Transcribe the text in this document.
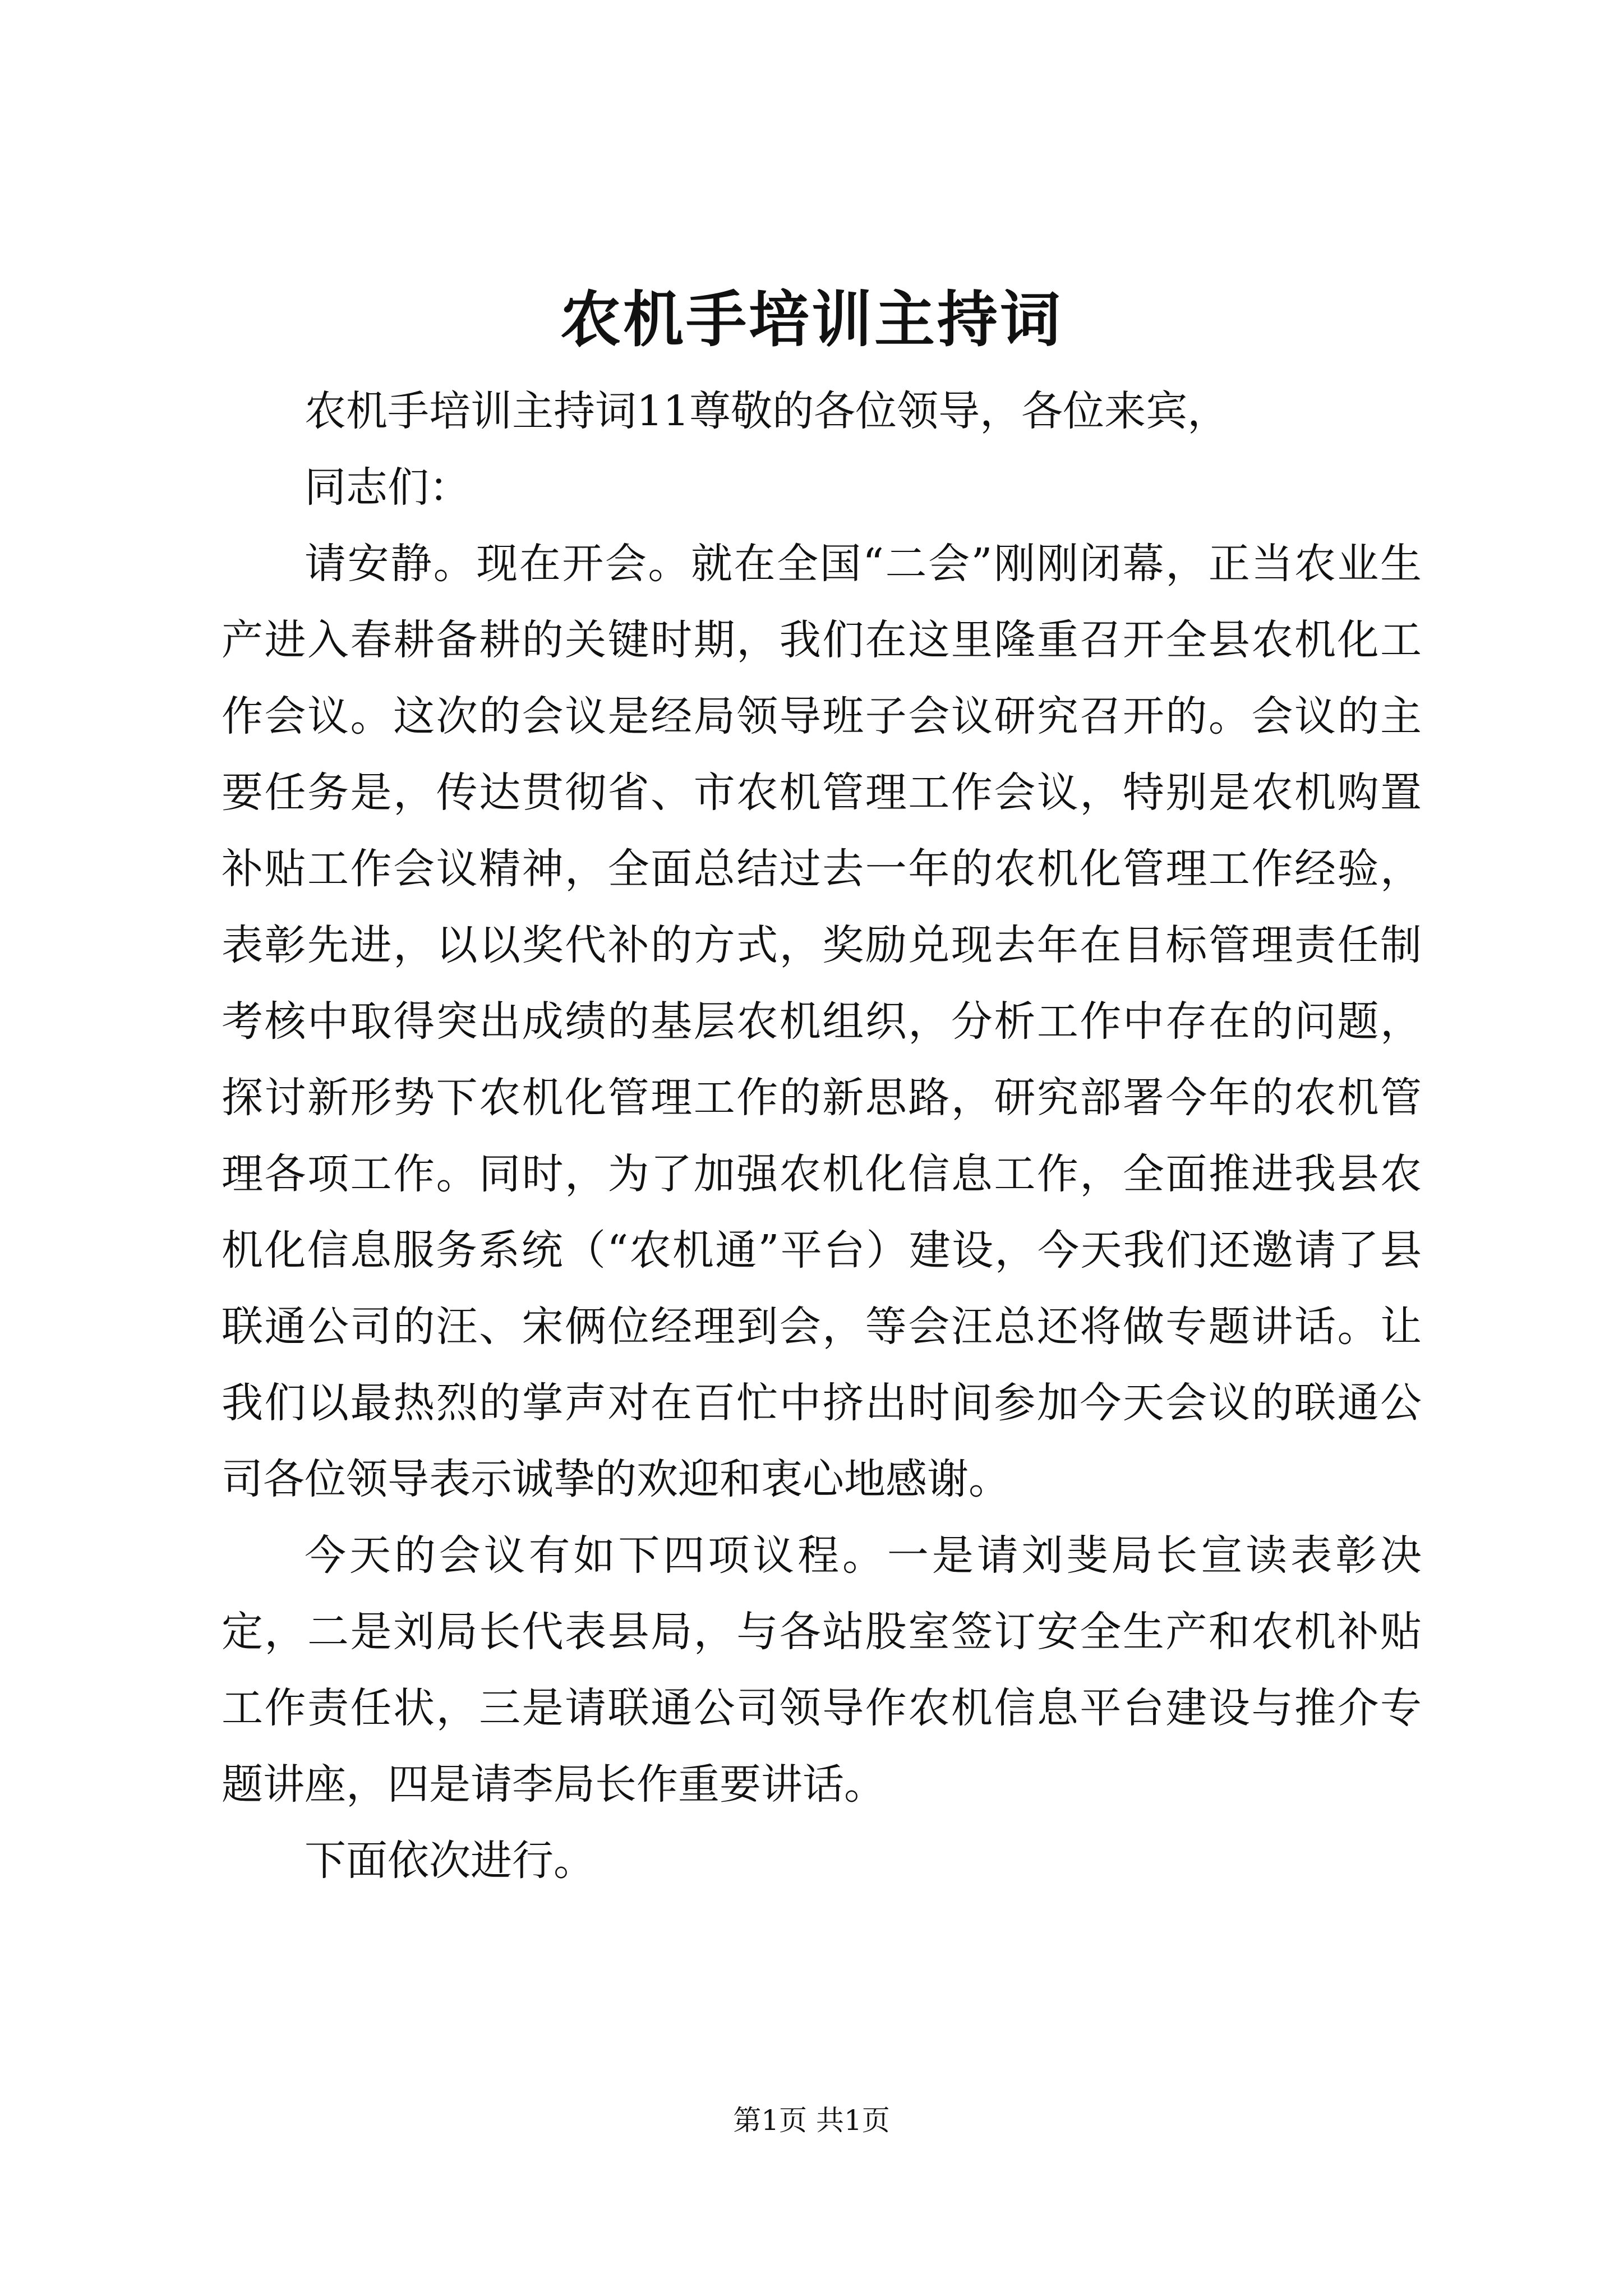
农机手培训主持词

农机手培训主持词11尊敬的各位领导，各位来宾，

同志们：

请安静。现在开会。就在全国“二会”刚刚闭幕，正当农业生产进入春耕备耕的关键时期，我们在这里隆重召开全县农机化工作会议。这次的会议是经局领导班子会议研究召开的。会议的主要任务是，传达贯彻省、市农机管理工作会议，特别是农机购置补贴工作会议精神，全面总结过去一年的农机化管理工作经验，表彰先进，以以奖代补的方式，奖励兑现去年在目标管理责任制考核中取得突出成绩的基层农机组织，分析工作中存在的问题，探讨新形势下农机化管理工作的新思路，研究部署今年的农机管理各项工作。同时，为了加强农机化信息工作，全面推进我县农机化信息服务系统（“农机通”平台）建设，今天我们还邀请了县联通公司的汪、宋俩位经理到会，等会汪总还将做专题讲话。让我们以最热烈的掌声对在百忙中挤出时间参加今天会议的联通公司各位领导表示诚挚的欢迎和衷心地感谢。

今天的会议有如下四项议程。一是请刘斐局长宣读表彰决定，二是刘局长代表县局，与各站股室签订安全生产和农机补贴工作责任状，三是请联通公司领导作农机信息平台建设与推介专题讲座，四是请李局长作重要讲话。

下面依次进行。

第1页 共1页
